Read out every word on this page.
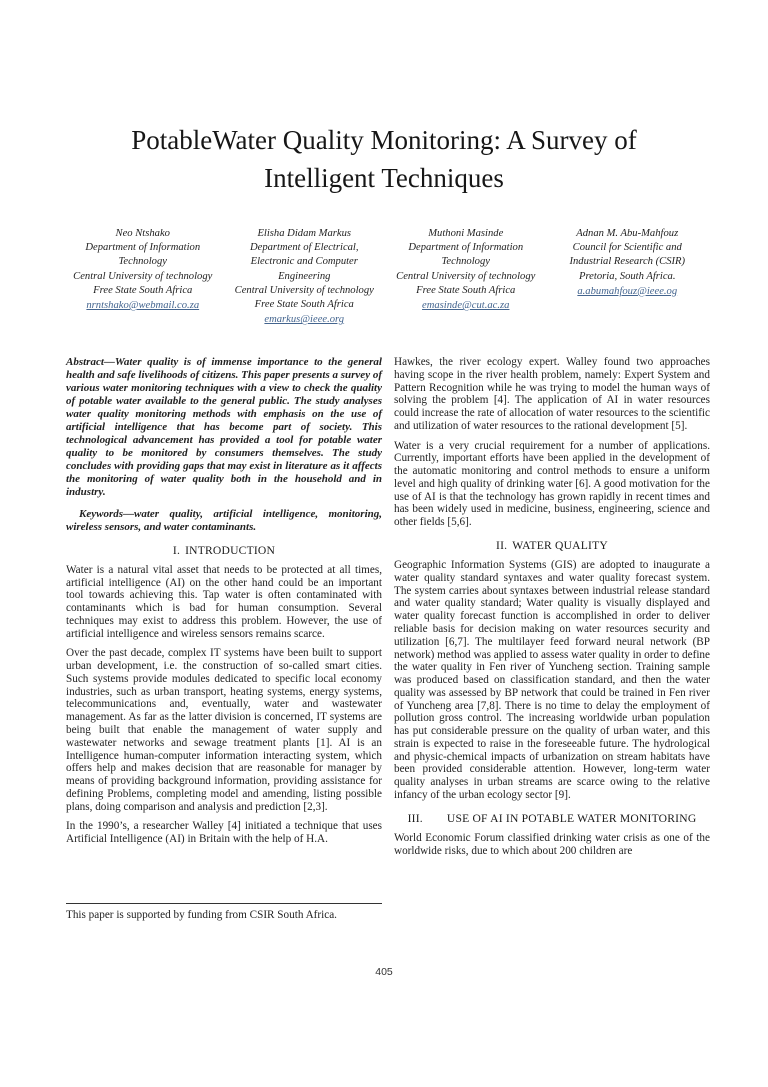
PotableWater Quality Monitoring: A Survey of
Intelligent Techniques
Neo Ntshako
Department of Information
Technology
Central University of technology
Free State South Africa
nrntshako@webmail.co.za
Elisha Didam Markus
Department of Electrical,
Electronic and Computer
Engineering
Central University of technology
Free State South Africa
emarkus@ieee.org
Muthoni Masinde
Department of Information
Technology
Central University of technology
Free State South Africa
emasinde@cut.ac.za
Adnan M. Abu-Mahfouz
Council for Scientific and
Industrial Research (CSIR)
Pretoria, South Africa.
a.abumahfouz@ieee.og

Abstract—Water quality is of immense importance to the general health and safe livelihoods of citizens. This paper presents a survey of various water monitoring techniques with a view to check the quality of potable water available to the general public. The study analyses water quality monitoring methods with emphasis on the use of artificial intelligence that has become part of society. This technological advancement has provided a tool for potable water quality to be monitored by consumers themselves. The study concludes with providing gaps that may exist in literature as it affects the monitoring of water quality both in the household and in industry.

Keywords—water quality, artificial intelligence, monitoring, wireless sensors, and water contaminants.

I. INTRODUCTION

Water is a natural vital asset that needs to be protected at all times, artificial intelligence (AI) on the other hand could be an important tool towards achieving this. Tap water is often contaminated with contaminants which is bad for human consumption. Several techniques may exist to address this problem. However, the use of artificial intelligence and wireless sensors remains scarce.

Over the past decade, complex IT systems have been built to support urban development, i.e. the construction of so-called smart cities. Such systems provide modules dedicated to specific local economy industries, such as urban transport, heating systems, energy systems, telecommunications and, eventually, water and wastewater management. As far as the latter division is concerned, IT systems are being built that enable the management of water supply and wastewater networks and sewage treatment plants [1]. AI is an Intelligence human-computer information interacting system, which offers help and makes decision that are reasonable for manager by means of providing background information, providing assistance for defining Problems, completing model and amending, listing possible plans, doing comparison and analysis and prediction [2,3].

In the 1990’s, a researcher Walley [4] initiated a technique that uses Artificial Intelligence (AI) in Britain with the help of H.A.

Hawkes, the river ecology expert. Walley found two approaches having scope in the river health problem, namely: Expert System and Pattern Recognition while he was trying to model the human ways of solving the problem [4]. The application of AI in water resources could increase the rate of allocation of water resources to the scientific and utilization of water resources to the rational development [5].

Water is a very crucial requirement for a number of applications. Currently, important efforts have been applied in the development of the automatic monitoring and control methods to ensure a uniform level and high quality of drinking water [6]. A good motivation for the use of AI is that the technology has grown rapidly in recent times and has been widely used in medicine, business, engineering, science and other fields [5,6].

II. WATER QUALITY

Geographic Information Systems (GIS) are adopted to inaugurate a water quality standard syntaxes and water quality forecast system. The system carries about syntaxes between industrial release standard and water quality standard; Water quality is visually displayed and water quality forecast function is accomplished in order to deliver reliable basis for decision making on water resources security and utilization [6,7]. The multilayer feed forward neural network (BP network) method was applied to assess water quality in order to define the water quality in Fen river of Yuncheng section. Training sample was produced based on classification standard, and then the water quality was assessed by BP network that could be trained in Fen river of Yuncheng area [7,8]. There is no time to delay the employment of pollution gross control. The increasing worldwide urban population has put considerable pressure on the quality of urban water, and this strain is expected to raise in the foreseeable future. The hydrological and physic-chemical impacts of urbanization on stream habitats have been provided considerable attention. However, long-term water quality analyses in urban streams are scarce owing to the relative infancy of the urban ecology sector [9].

III. USE OF AI IN POTABLE WATER MONITORING

World Economic Forum classified drinking water crisis as one of the worldwide risks, due to which about 200 children are

This paper is supported by funding from CSIR South Africa.
405
